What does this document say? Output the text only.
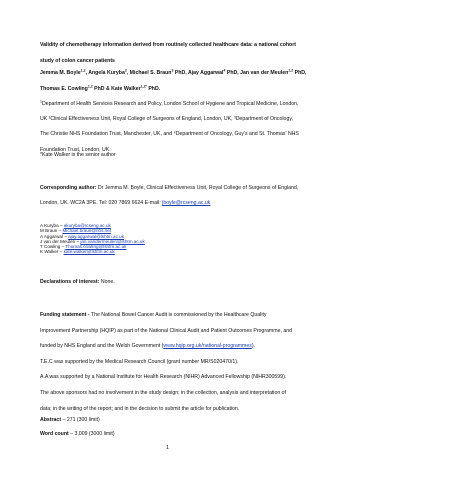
Validity of chemotherapy information derived from routinely collected healthcare data: a national cohort
study of colon cancer patients
Jemma M. Boyle$^{1,2}$, Angela Kuryba$^2$, Michael S. Braun$^3$ PhD, Ajay Aggarwal$^4$ PhD, Jan van der Meulen$^{1,2}$ PhD,
Thomas E. Cowling$^{1,2}$ PhD & Kate Walker$^{1,2*}$ PhD.
$^1$Department of Health Services Research and Policy, London School of Hygiene and Tropical Medicine, London,
UK ²Clinical Effectiveness Unit, Royal College of Surgeons of England, London, UK, ³Department of Oncology,
The Christie NHS Foundation Trust, Manchester, UK, and ⁴Department of Oncology, Guy's and St. Thomas' NHS
Foundation Trust, London, UK.
*Kate Walker is the senior author
Corresponding author: Dr Jemma M. Boyle, Clinical Effectiveness Unit, Royal College of Surgeons of England,
London, UK. WC2A 3PE. Tel: 020 7869 6624 E-mail: jboyle@rcseng.ac.uk
A Kuryba – akuryba@rcseng.ac.uk
M Braun – Michael.braun@nhs.net
A Aggarwal – ajay.aggarwal@lshtm.ac.uk
J van der Meulen – jan.vandermeulen@lshtm.ac.uk
T Cowling – Thomas.cowling@lshtm.ac.uk
K Walker – kate.walker@lshtm.ac.uk
Declarations of interest: None.
Funding statement - The National Bowel Cancer Audit is commissioned by the Healthcare Quality
Improvement Partnership (HQIP) as part of the National Clinical Audit and Patient Outcomes Programme, and
funded by NHS England and the Welsh Government (www.hqip.org.uk/national-programmes).
T.E.C was supported by the Medical Research Council (grant number MR/S020470/1).
A.A was supported by a National Institute for Health Research (NIHR) Advanced Fellowship (NIHR300599).
The above sponsors had no involvement in the study design; in the collection, analysis and interpretation of
data; in the writing of the report; and in the decision to submit the article for publication.
Abstract – 271 (300 limit)
Word count – 3,009 (3000 limit)
1
